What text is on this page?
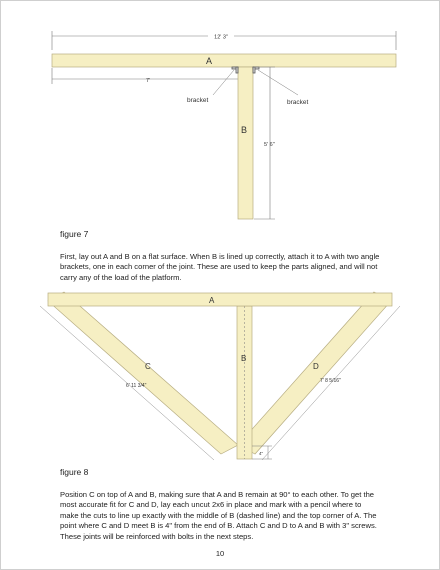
12' 3"
A
7'
B
bracket	bracket
5' 6"
figure 7
First, lay out A and B on a flat surface. When B is lined up correctly, attach it to A with two angle brackets, one in each corner of the joint. These are used to keep the parts aligned, and will not carry any of the load of the platform.
A
B
C	D
6' 11 3/4"
7' 8 5/16"
4"
figure 8
Position C on top of A and B, making sure that A and B remain at 90° to each other. To get the most accurate fit for C and D, lay each uncut 2x6 in place and mark with a pencil where to make the cuts to line up exactly with the middle of B (dashed line) and the top corner of A. The point where C and D meet B is 4" from the end of B. Attach C and D to A and B with 3" screws. These joints will be reinforced with bolts in the next steps.
10
